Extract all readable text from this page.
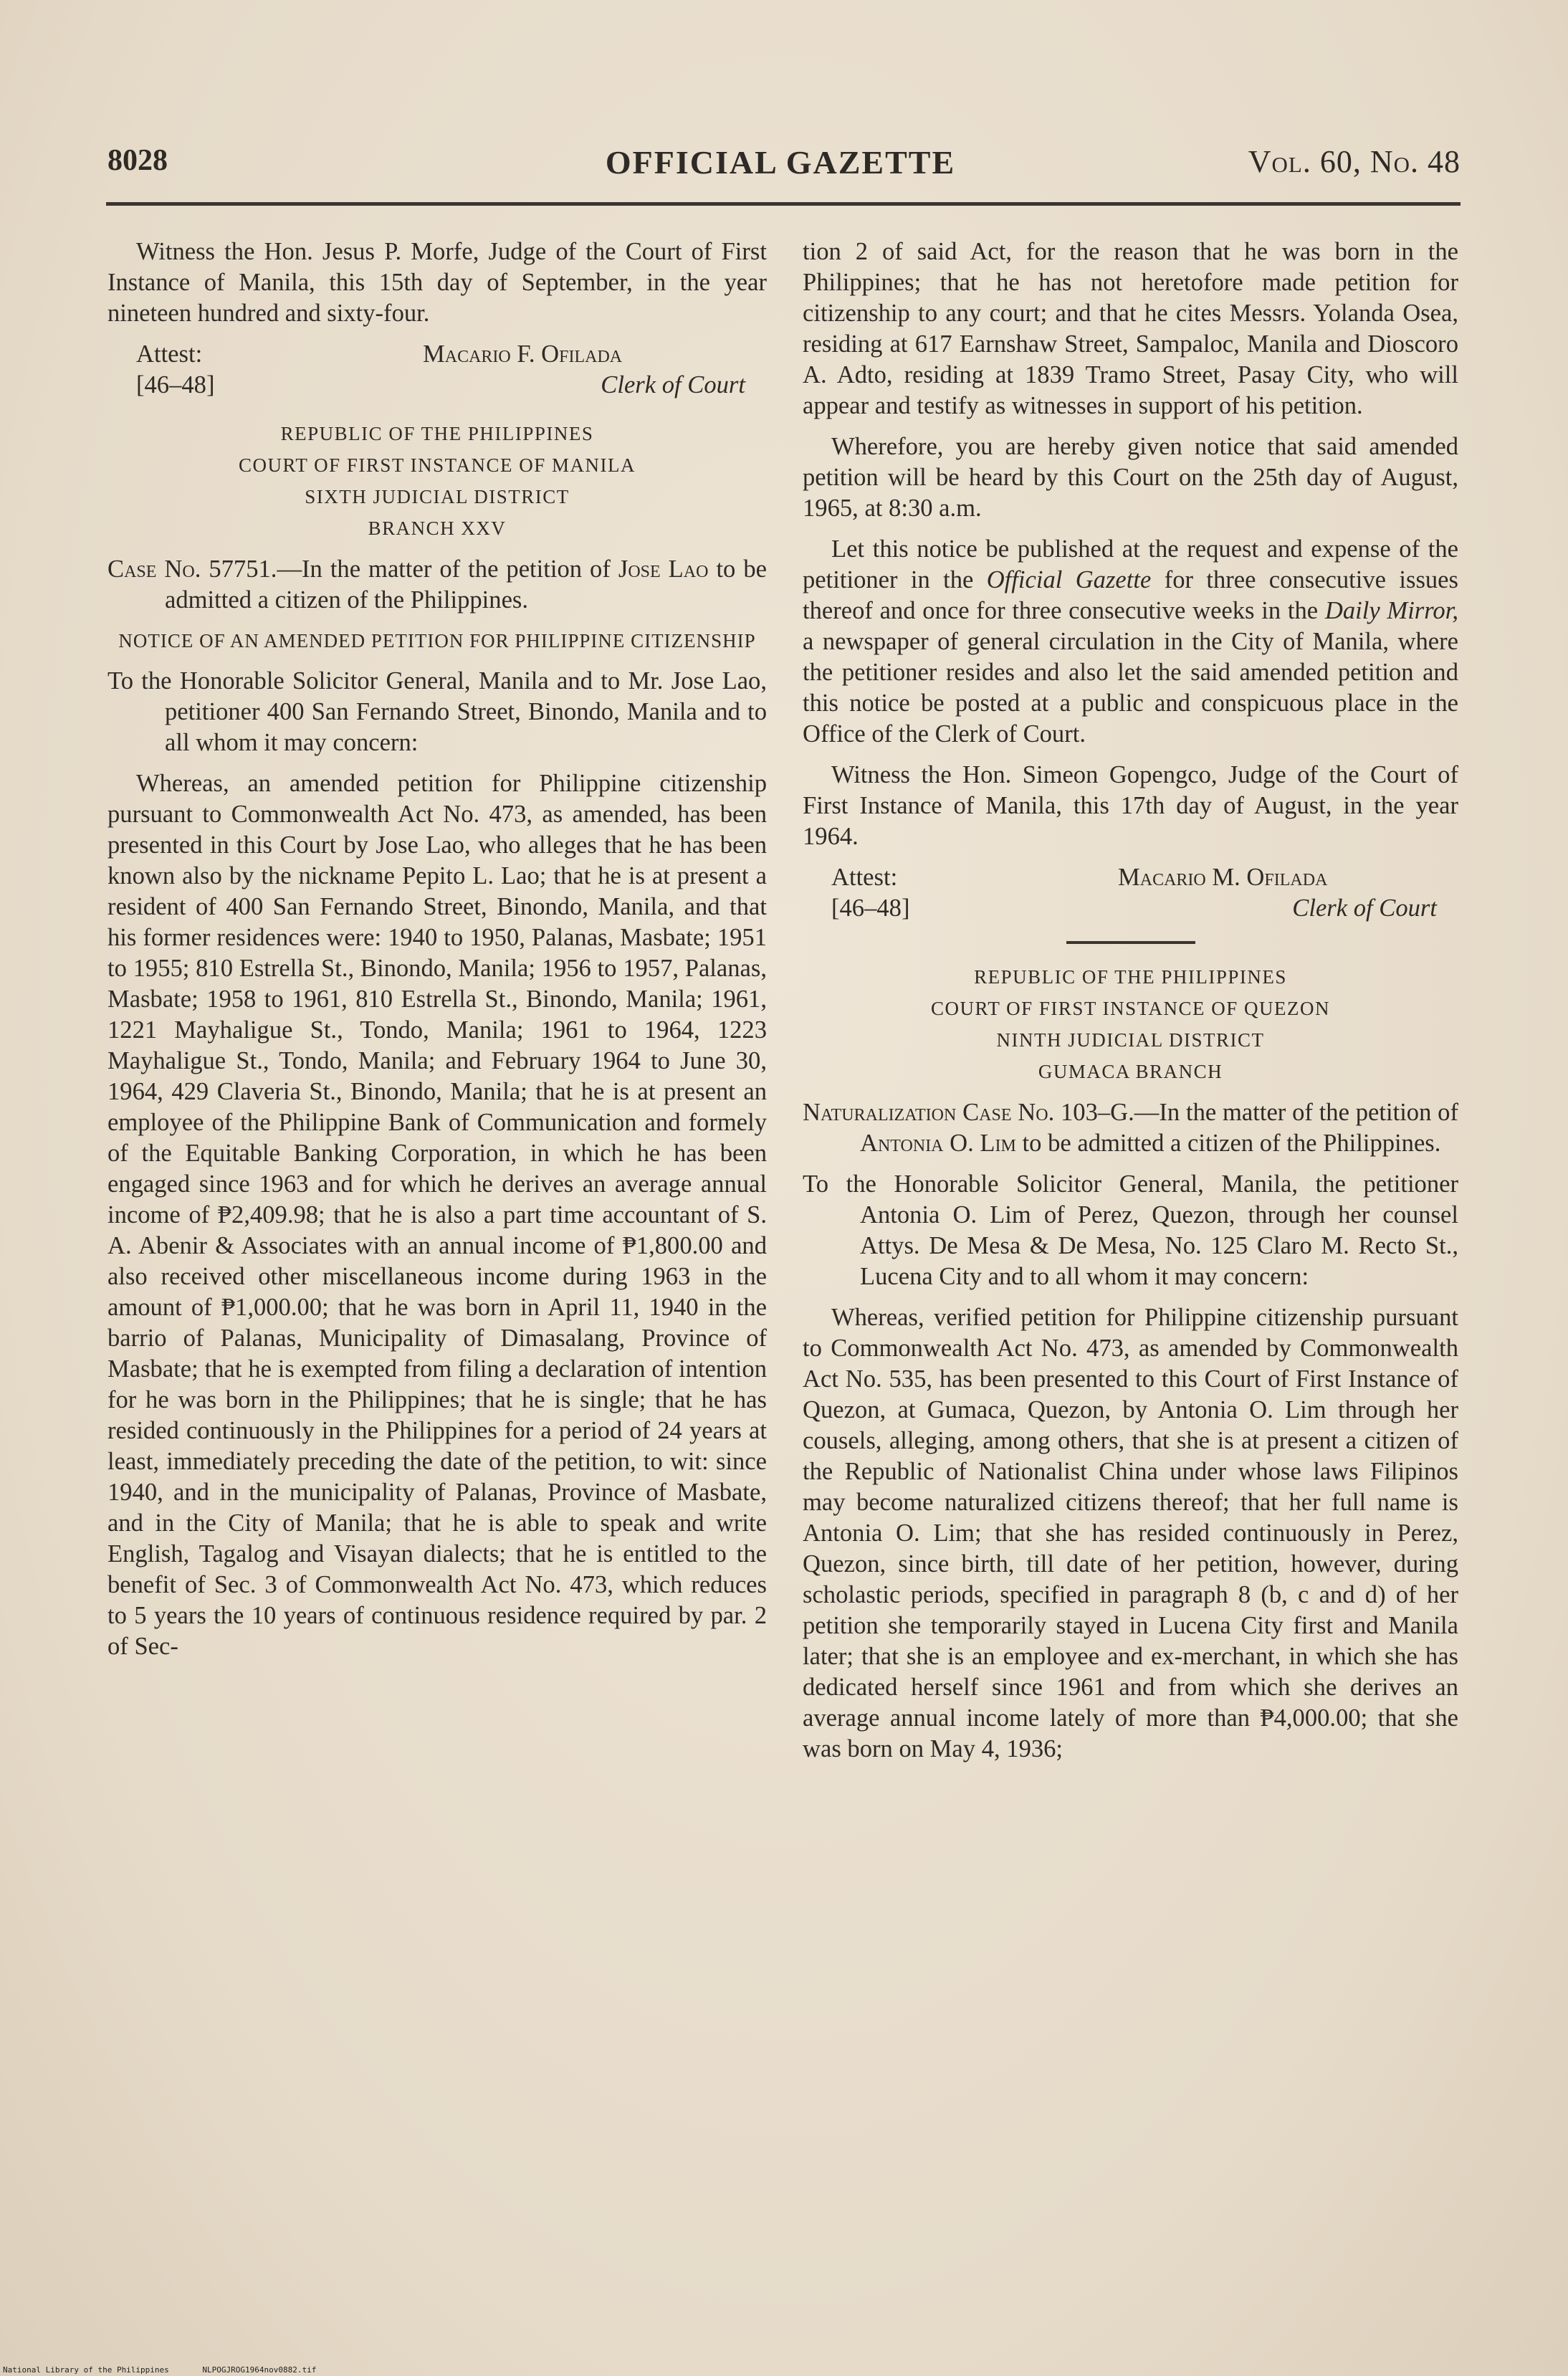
8028	OFFICIAL GAZETTE	Vol. 60, No. 48

Witness the Hon. Jesus P. Morfe, Judge of the Court of First Instance of Manila, this 15th day of September, in the year nineteen hundred and sixty-four.

Attest:
[46–48]
Macario F. Ofilada
Clerk of Court
REPUBLIC OF THE PHILIPPINES
COURT OF FIRST INSTANCE OF MANILA
SIXTH JUDICIAL DISTRICT
BRANCH XXV

Case No. 57751.—In the matter of the petition of Jose Lao to be admitted a citizen of the Philippines.

NOTICE OF AN AMENDED PETITION FOR PHILIPPINE CITIZENSHIP

To the Honorable Solicitor General, Manila and to Mr. Jose Lao, petitioner 400 San Fernando Street, Binondo, Manila and to all whom it may concern:

Whereas, an amended petition for Philippine citizenship pursuant to Commonwealth Act No. 473, as amended, has been presented in this Court by Jose Lao, who alleges that he has been known also by the nickname Pepito L. Lao; that he is at present a resident of 400 San Fernando Street, Binondo, Manila, and that his former residences were: 1940 to 1950, Palanas, Masbate; 1951 to 1955; 810 Estrella St., Binondo, Manila; 1956 to 1957, Palanas, Masbate; 1958 to 1961, 810 Estrella St., Binondo, Manila; 1961, 1221 Mayhaligue St., Tondo, Manila; 1961 to 1964, 1223 Mayhaligue St., Tondo, Manila; and February 1964 to June 30, 1964, 429 Claveria St., Binondo, Manila; that he is at present an employee of the Philippine Bank of Communication and formely of the Equitable Banking Corporation, in which he has been engaged since 1963 and for which he derives an average annual income of ₱2,409.98; that he is also a part time accountant of S. A. Abenir & Associates with an annual income of ₱1,800.00 and also received other miscellaneous income during 1963 in the amount of ₱1,000.00; that he was born in April 11, 1940 in the barrio of Palanas, Municipality of Dimasalang, Province of Masbate; that he is exempted from filing a declaration of intention for he was born in the Philippines; that he is single; that he has resided continuously in the Philippines for a period of 24 years at least, immediately preceding the date of the petition, to wit: since 1940, and in the municipality of Palanas, Province of Masbate, and in the City of Manila; that he is able to speak and write English, Tagalog and Visayan dialects; that he is entitled to the benefit of Sec. 3 of Commonwealth Act No. 473, which reduces to 5 years the 10 years of continuous residence required by par. 2 of Sec-

tion 2 of said Act, for the reason that he was born in the Philippines; that he has not heretofore made petition for citizenship to any court; and that he cites Messrs. Yolanda Osea, residing at 617 Earnshaw Street, Sampaloc, Manila and Dioscoro A. Adto, residing at 1839 Tramo Street, Pasay City, who will appear and testify as witnesses in support of his petition.

Wherefore, you are hereby given notice that said amended petition will be heard by this Court on the 25th day of August, 1965, at 8:30 a.m.

Let this notice be published at the request and expense of the petitioner in the Official Gazette for three consecutive issues thereof and once for three consecutive weeks in the Daily Mirror, a newspaper of general circulation in the City of Manila, where the petitioner resides and also let the said amended petition and this notice be posted at a public and conspicuous place in the Office of the Clerk of Court.

Witness the Hon. Simeon Gopengco, Judge of the Court of First Instance of Manila, this 17th day of August, in the year 1964.

Attest:
[46–48]
Macario M. Ofilada
Clerk of Court
REPUBLIC OF THE PHILIPPINES
COURT OF FIRST INSTANCE OF QUEZON
NINTH JUDICIAL DISTRICT
GUMACA BRANCH

Naturalization Case No. 103–G.—In the matter of the petition of Antonia O. Lim to be admitted a citizen of the Philippines.

To the Honorable Solicitor General, Manila, the petitioner Antonia O. Lim of Perez, Quezon, through her counsel Attys. De Mesa & De Mesa, No. 125 Claro M. Recto St., Lucena City and to all whom it may concern:

Whereas, verified petition for Philippine citizenship pursuant to Commonwealth Act No. 473, as amended by Commonwealth Act No. 535, has been presented to this Court of First Instance of Quezon, at Gumaca, Quezon, by Antonia O. Lim through her cousels, alleging, among others, that she is at present a citizen of the Republic of Nationalist China under whose laws Filipinos may become naturalized citizens thereof; that her full name is Antonia O. Lim; that she has resided continuously in Perez, Quezon, since birth, till date of her petition, however, during scholastic periods, specified in paragraph 8 (b, c and d) of her petition she temporarily stayed in Lucena City first and Manila later; that she is an employee and ex-merchant, in which she has dedicated herself since 1961 and from which she derives an average annual income lately of more than ₱4,000.00; that she was born on May 4, 1936;

National Library of the Philippines	NLPOGJROG1964nov0882.tif
